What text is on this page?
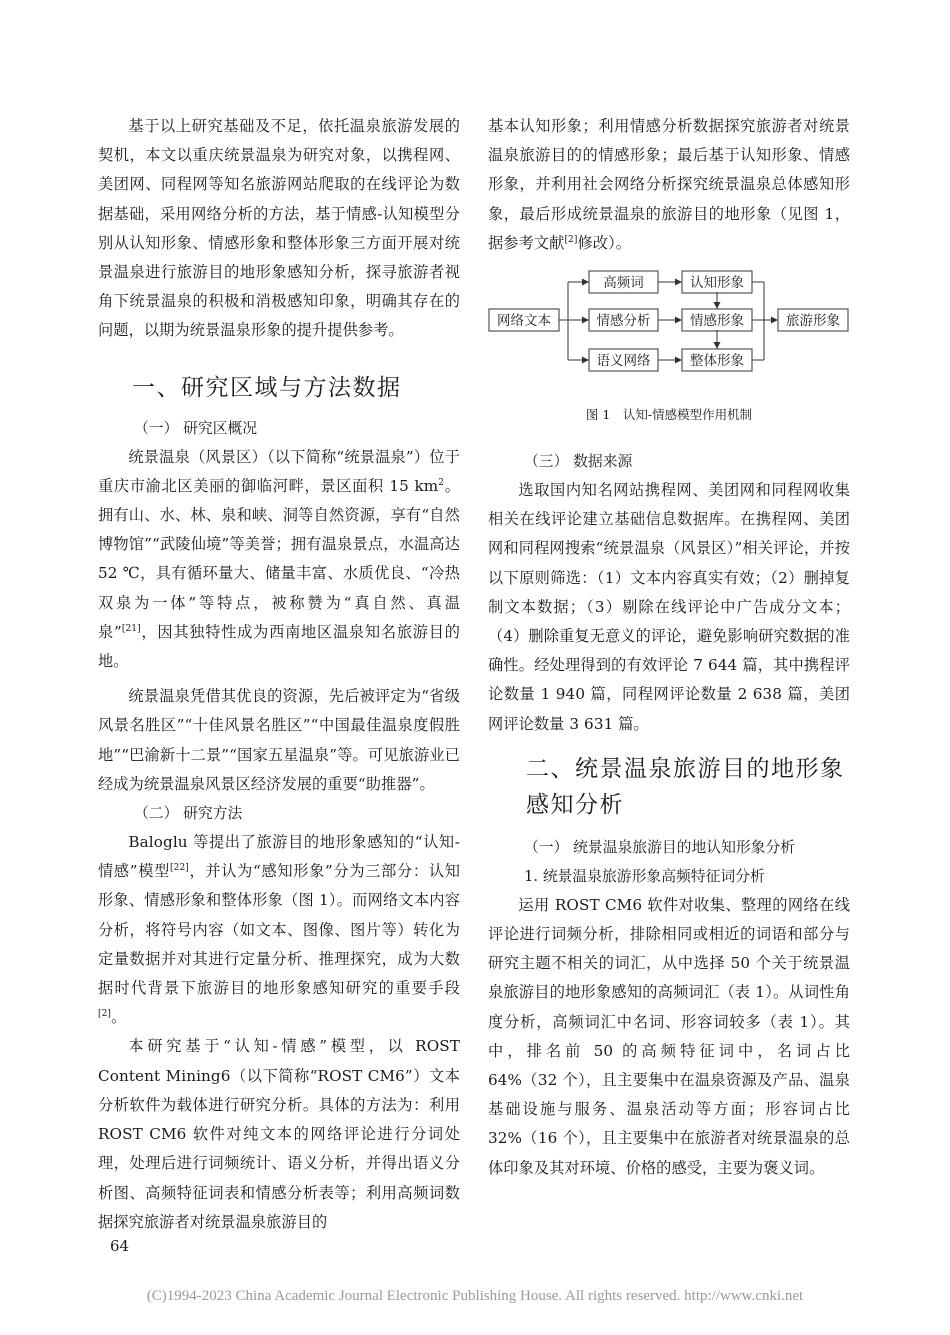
基于以上研究基础及不足，依托温泉旅游发展的契机，本文以重庆统景温泉为研究对象，以携程网、美团网、同程网等知名旅游网站爬取的在线评论为数据基础，采用网络分析的方法，基于情感-认知模型分别从认知形象、情感形象和整体形象三方面开展对统景温泉进行旅游目的地形象感知分析，探寻旅游者视角下统景温泉的积极和消极感知印象，明确其存在的问题，以期为统景温泉形象的提升提供参考。

一、研究区域与方法数据
（一） 研究区概况

统景温泉（风景区）（以下简称“统景温泉”）位于重庆市渝北区美丽的御临河畔，景区面积 15 $km^2$。拥有山、水、林、泉和峡、洞等自然资源，享有“自然博物馆”“武陵仙境”等美誉；拥有温泉景点，水温高达 52 ℃，具有循环量大、储量丰富、水质优良、“冷热双泉为一体”等特点，被称赞为“真自然、真温泉”[21]，因其独特性成为西南地区温泉知名旅游目的地。

统景温泉凭借其优良的资源，先后被评定为“省级风景名胜区”“十佳风景名胜区”“中国最佳温泉度假胜地”“巴渝新十二景”“国家五星温泉”等。可见旅游业已经成为统景温泉风景区经济发展的重要“助推器”。

（二） 研究方法

Baloglu 等提出了旅游目的地形象感知的“认知-情感”模型[22]，并认为“感知形象”分为三部分：认知形象、情感形象和整体形象（图 1）。而网络文本内容分析，将符号内容（如文本、图像、图片等）转化为定量数据并对其进行定量分析、推理探究，成为大数据时代背景下旅游目的地形象感知研究的重要手段[2]。

本研究基于“认知-情感”模型，以 ROST Content Mining6（以下简称“ROST CM6”）文本分析软件为载体进行研究分析。具体的方法为：利用 ROST CM6 软件对纯文本的网络评论进行分词处理，处理后进行词频统计、语义分析，并得出语义分析图、高频特征词表和情感分析表等；利用高频词数据探究旅游者对统景温泉旅游目的

基本认知形象；利用情感分析数据探究旅游者对统景温泉旅游目的的情感形象；最后基于认知形象、情感形象，并利用社会网络分析探究统景温泉总体感知形象，最后形成统景温泉的旅游目的地形象（见图 1，据参考文献[2]修改）。

网络文本
高频词
情感分析
语义网络
认知形象
情感形象
整体形象
旅游形象
图 1　认知-情感模型作用机制
（三） 数据来源

选取国内知名网站携程网、美团网和同程网收集相关在线评论建立基础信息数据库。在携程网、美团网和同程网搜索“统景温泉（风景区）”相关评论，并按以下原则筛选：（1）文本内容真实有效；（2）删掉复制文本数据；（3）剔除在线评论中广告成分文本；（4）删除重复无意义的评论，避免影响研究数据的准确性。经处理得到的有效评论 7 644 篇，其中携程评论数量 1 940 篇，同程网评论数量 2 638 篇，美团网评论数量 3 631 篇。

二、统景温泉旅游目的地形象感知分析
（一） 统景温泉旅游目的地认知形象分析
1. 统景温泉旅游形象高频特征词分析

运用 ROST CM6 软件对收集、整理的网络在线评论进行词频分析，排除相同或相近的词语和部分与研究主题不相关的词汇，从中选择 50 个关于统景温泉旅游目的地形象感知的高频词汇（表 1）。从词性角度分析，高频词汇中名词、形容词较多（表 1）。其中，排名前 50 的高频特征词中，名词占比 64%（32 个），且主要集中在温泉资源及产品、温泉基础设施与服务、温泉活动等方面；形容词占比 32%（16 个），且主要集中在旅游者对统景温泉的总体印象及其对环境、价格的感受，主要为褒义词。

64
(C)1994-2023 China Academic Journal Electronic Publishing House. All rights reserved. http://www.cnki.net
